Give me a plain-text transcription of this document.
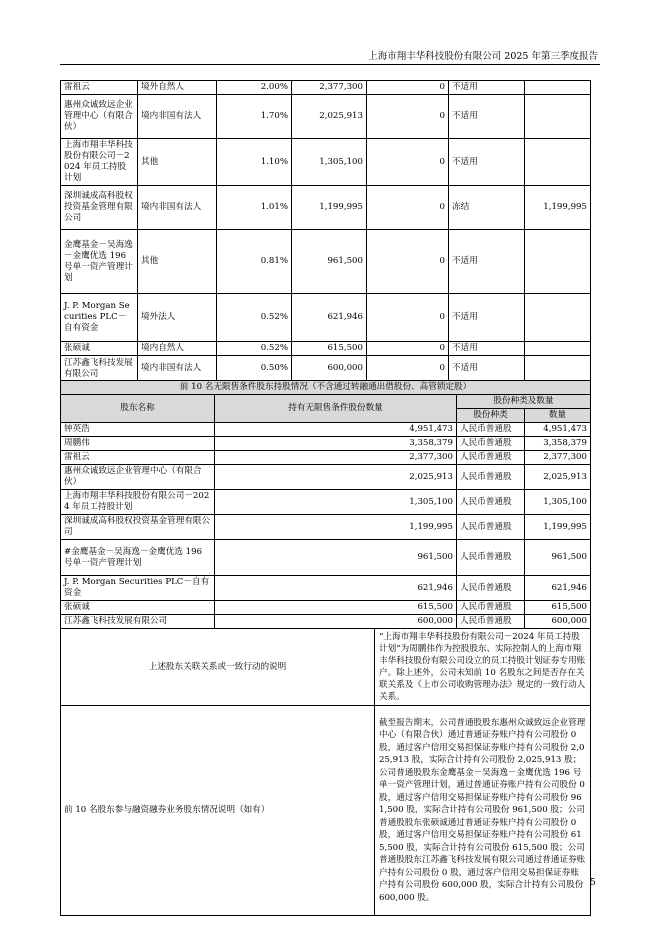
上海市翔丰华科技股份有限公司 2025 年第三季度报告
雷祖云	境外自然人	2.00%	2,377,300	0	不适用	
惠州众诚致远企业管理中心（有限合伙）	境内非国有法人	1.70%	2,025,913	0	不适用	
上海市翔丰华科技股份有限公司－2024 年员工持股计划	其他	1.10%	1,305,100	0	不适用	
深圳诚成高科股权投资基金管理有限公司	境内非国有法人	1.01%	1,199,995	0	冻结	1,199,995
金鹰基金－吴海逸－金鹰优选 196 号单一资产管理计划	其他	0.81%	961,500	0	不适用	
J. P. Morgan Securities PLC－自有资金	境外法人	0.52%	621,946	0	不适用	
张硕诚	境内自然人	0.52%	615,500	0	不适用	
江苏鑫飞科技发展有限公司	境内非国有法人	0.50%	600,000	0	不适用	
前 10 名无限售条件股东持股情况（不含通过转融通出借股份、高管锁定股）				
股东名称	持有无限售条件股份数量		股份种类及数量	
			股份种类	数量
钟英浩	4,951,473		人民币普通股	4,951,473
周鹏伟	3,358,379		人民币普通股	3,358,379
雷祖云	2,377,300		人民币普通股	2,377,300
惠州众诚致远企业管理中心（有限合伙）	2,025,913		人民币普通股	2,025,913
上海市翔丰华科技股份有限公司－2024 年员工持股计划	1,305,100		人民币普通股	1,305,100
深圳诚成高科股权投资基金管理有限公司	1,199,995		人民币普通股	1,199,995
#金鹰基金－吴海逸－金鹰优选 196 号单一资产管理计划	961,500		人民币普通股	961,500
J. P. Morgan Securities PLC－自有资金	621,946		人民币普通股	621,946
张硕诚	615,500		人民币普通股	615,500
江苏鑫飞科技发展有限公司	600,000		人民币普通股	600,000
上述股东关联关系或一致行动的说明		“上海市翔丰华科技股份有限公司－2024 年员工持股计划”为周鹏伟作为控股股东、实际控制人的上海市翔丰华科技股份有限公司设立的员工持股计划证券专用账户。除上述外，公司未知前 10 名股东之间是否存在关联关系及《上市公司收购管理办法》规定的一致行动人关系。		
前 10 名股东参与融资融券业务股东情况说明（如有）		截至报告期末，公司普通股股东惠州众诚致远企业管理中心（有限合伙）通过普通证券账户持有公司股份 0 股，通过客户信用交易担保证券账户持有公司股份 2,025,913 股，实际合计持有公司股份 2,025,913 股；公司普通股股东金鹰基金－吴海逸－金鹰优选 196 号单一资产管理计划，通过普通证券账户持有公司股份 0 股，通过客户信用交易担保证券账户持有公司股份 961,500 股，实际合计持有公司股份 961,500 股；公司普通股股东张硕诚通过普通证券账户持有公司股份 0 股，通过客户信用交易担保证券账户持有公司股份 615,500 股，实际合计持有公司股份 615,500 股；公司普通股股东江苏鑫飞科技发展有限公司通过普通证券账户持有公司股份 0 股，通过客户信用交易担保证券账户持有公司股份 600,000 股，实际合计持有公司股份 600,000 股。		
5
